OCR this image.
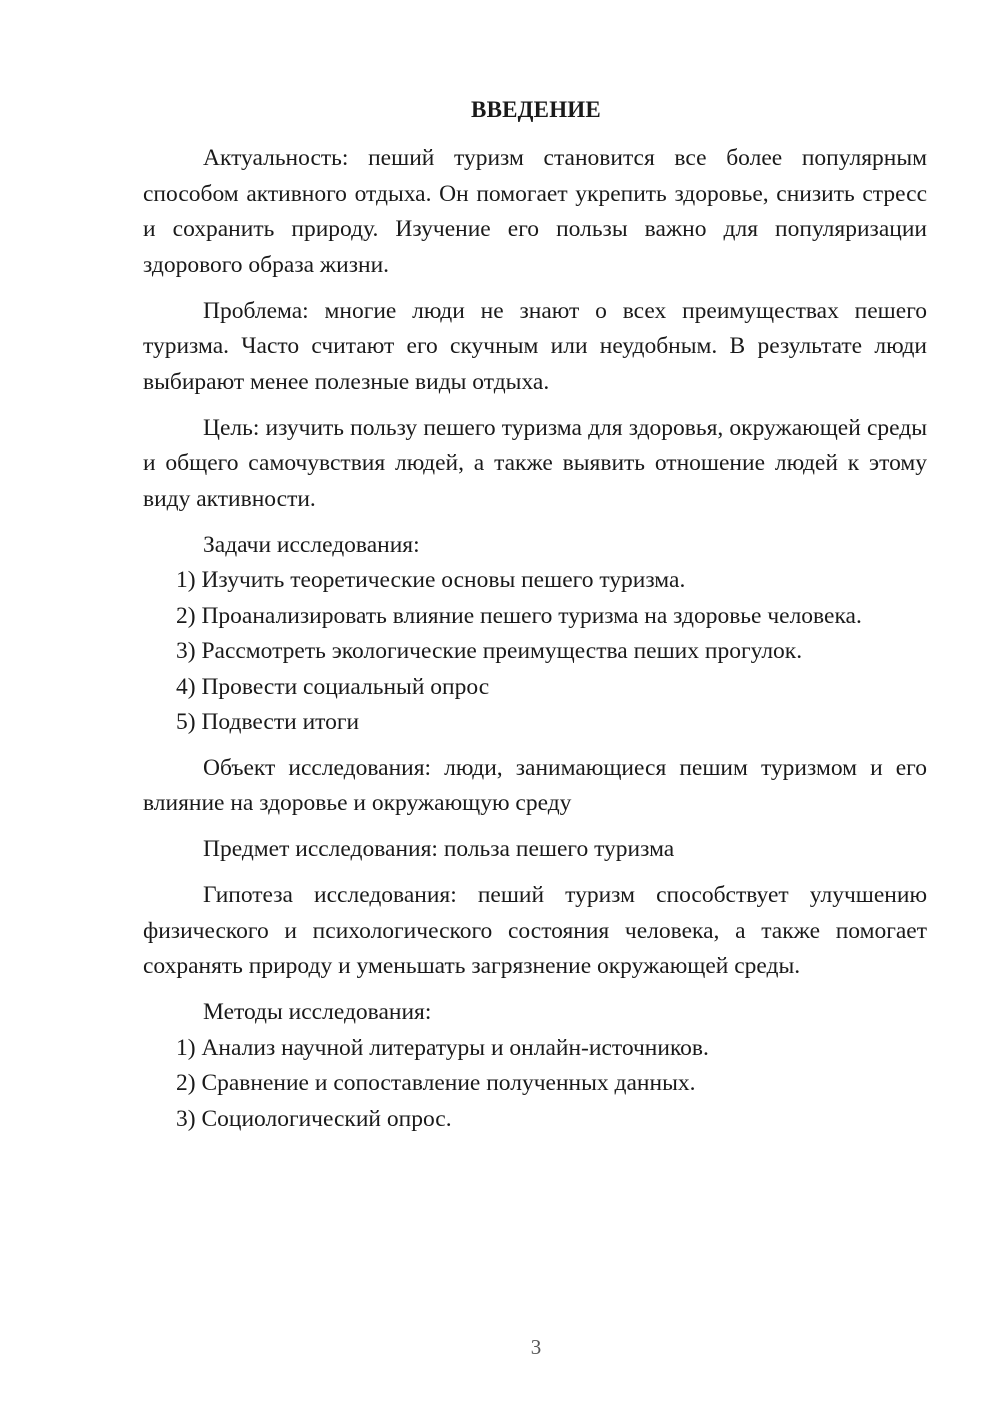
ВВЕДЕНИЕ

Актуальность: пеший туризм становится все более популярным способом активного отдыха. Он помогает укрепить здоровье, снизить стресс и сохранить природу. Изучение его пользы важно для популяризации здорового образа жизни.

Проблема: многие люди не знают о всех преимуществах пешего туризма. Часто считают его скучным или неудобным. В результате люди выбирают менее полезные виды отдыха.

Цель: изучить пользу пешего туризма для здоровья, окружающей среды и общего самочувствия людей, а также выявить отношение людей к этому виду активности.

Задачи исследования:

1) Изучить теоретические основы пешего туризма.

2) Проанализировать влияние пешего туризма на здоровье человека.

3) Рассмотреть экологические преимущества пеших прогулок.

4) Провести социальный опрос

5) Подвести итоги

Объект исследования: люди, занимающиеся пешим туризмом и его влияние на здоровье и окружающую среду

Предмет исследования: польза пешего туризма

Гипотеза исследования: пеший туризм способствует улучшению физического и психологического состояния человека, а также помогает сохранять природу и уменьшать загрязнение окружающей среды.

Методы исследования:

1) Анализ научной литературы и онлайн-источников.

2) Сравнение и сопоставление полученных данных.

3) Социологический опрос.

3
